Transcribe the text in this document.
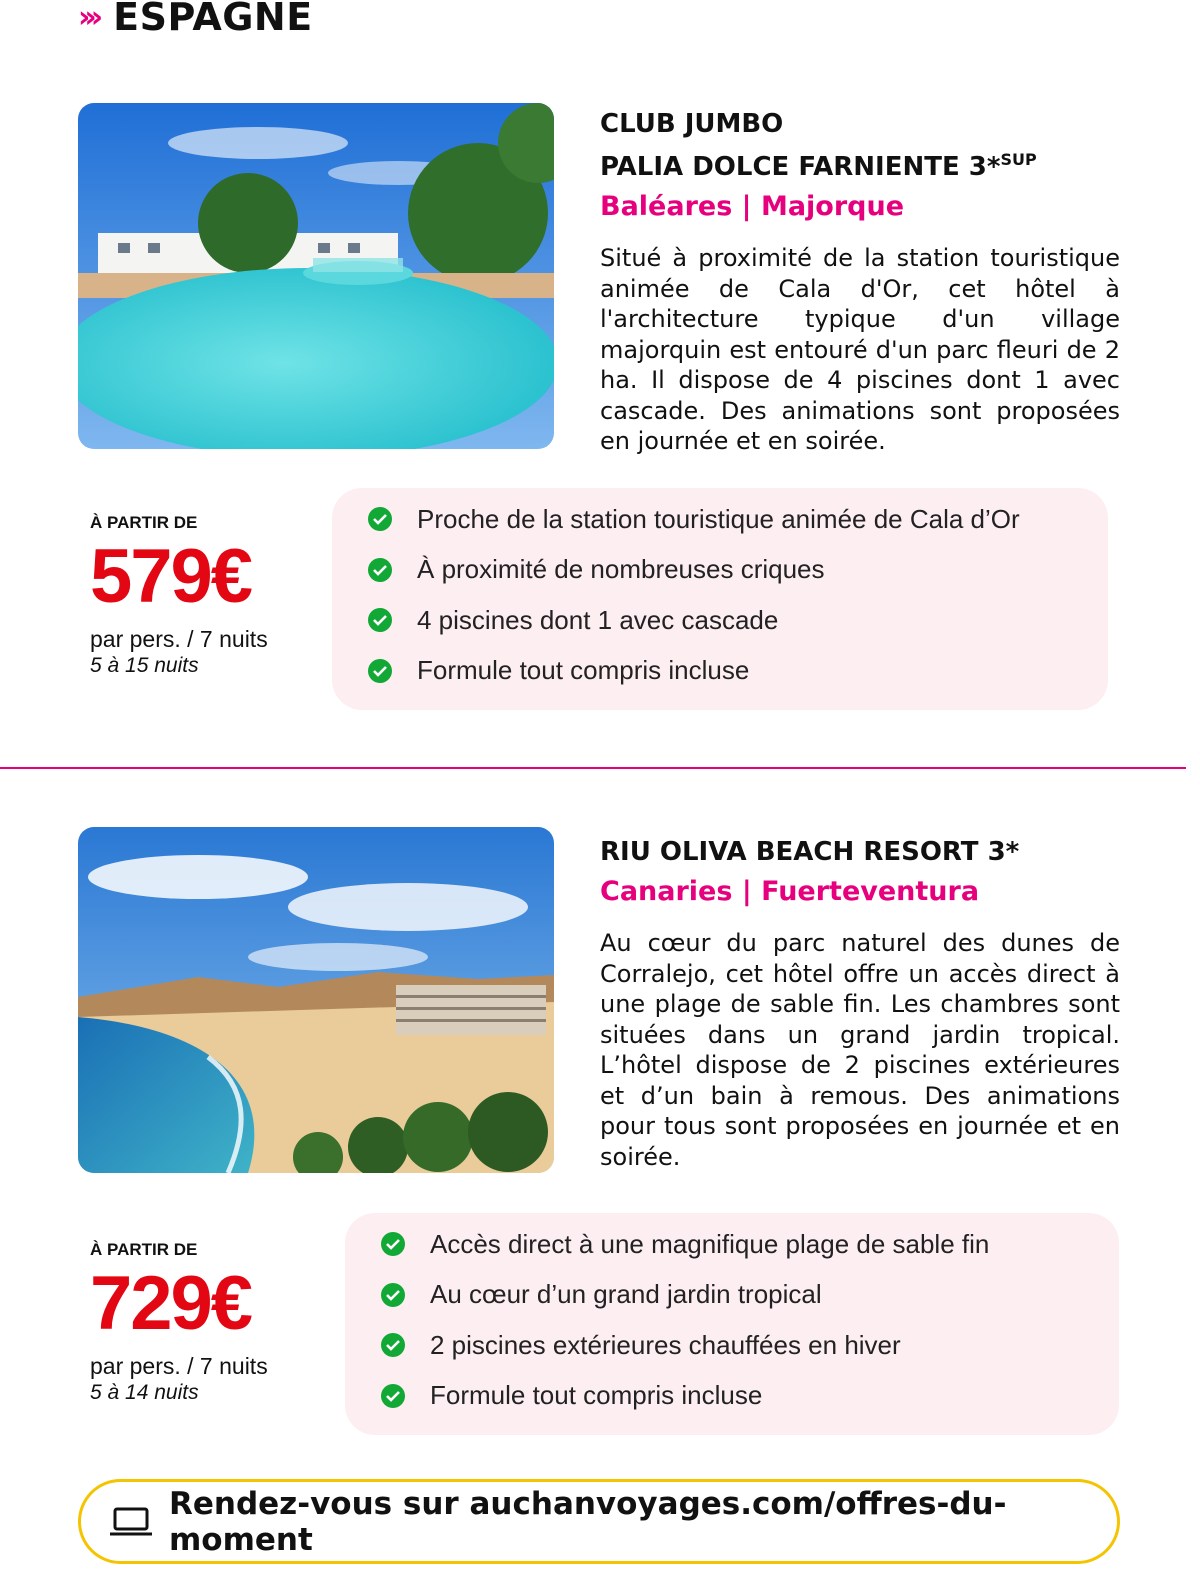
› › › ESPAGNE
CLUB JUMBO
PALIA DOLCE FARNIENTE 3*$^{SUP}$

Baléares | Majorque

Situé à proximité de la station touristique animée de Cala d'Or, cet hôtel à l'architecture typique d'un village majorquin est entouré d'un parc fleuri de 2 ha. Il dispose de 4 piscines dont 1 avec cascade. Des animations sont proposées en journée et en soirée.

À PARTIR DE
579€
par pers. / 7 nuits
5 à 15 nuits
Proche de la station touristique animée de Cala d’Or
À proximité de nombreuses criques
4 piscines dont 1 avec cascade
Formule tout compris incluse
RIU OLIVA BEACH RESORT 3*

Canaries | Fuerteventura

Au cœur du parc naturel des dunes de Corralejo, cet hôtel offre un accès direct à une plage de sable fin. Les chambres sont situées dans un grand jardin tropical. L’hôtel dispose de 2 piscines extérieures et d’un bain à remous. Des animations pour tous sont proposées en journée et en soirée.

À PARTIR DE
729€
par pers. / 7 nuits
5 à 14 nuits
Accès direct à une magnifique plage de sable fin
Au cœur d’un grand jardin tropical
2 piscines extérieures chauffées en hiver
Formule tout compris incluse
Rendez-vous sur auchanvoyages.com/offres-du-moment
